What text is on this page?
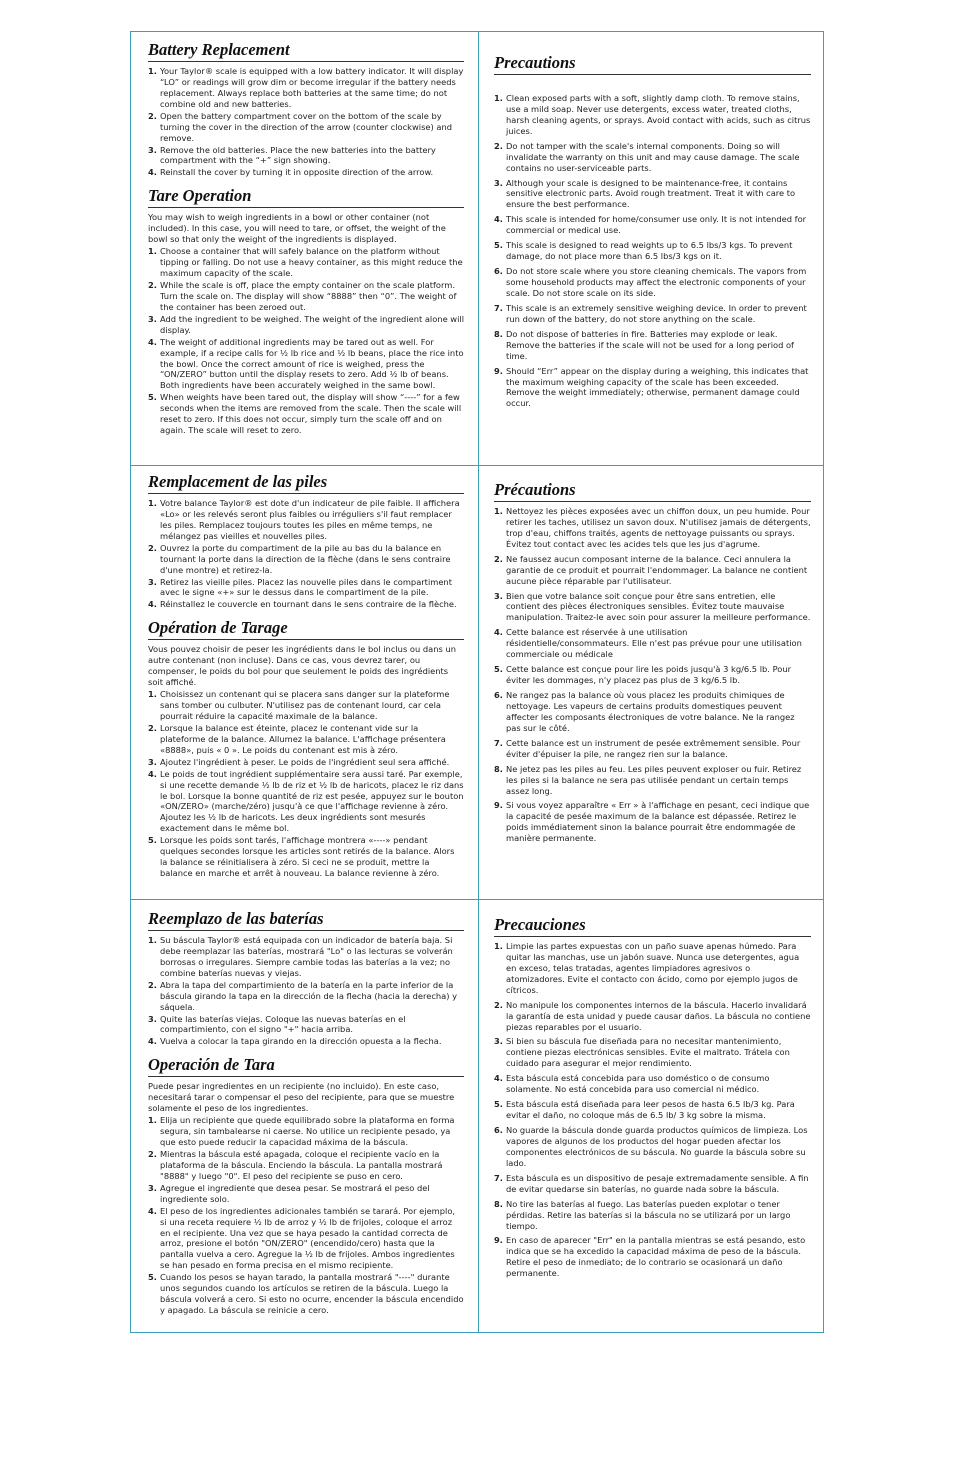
Battery Replacement
1. Your Taylor® scale is equipped with a low battery indicator. It will display “LO” or readings will grow dim or become irregular if the battery needs replacement. Always replace both batteries at the same time; do not combine old and new batteries.
2. Open the battery compartment cover on the bottom of the scale by turning the cover in the direction of the arrow (counter clockwise) and remove.
3. Remove the old batteries. Place the new batteries into the battery compartment with the “+” sign showing.
4. Reinstall the cover by turning it in opposite direction of the arrow.
Tare Operation

You may wish to weigh ingredients in a bowl or other container (not included). In this case, you will need to tare, or offset, the weight of the bowl so that only the weight of the ingredients is displayed.

1. Choose a container that will safely balance on the platform without tipping or falling. Do not use a heavy container, as this might reduce the maximum capacity of the scale.
2. While the scale is off, place the empty container on the scale platform. Turn the scale on. The display will show “8888” then “0”. The weight of the container has been zeroed out.
3. Add the ingredient to be weighed. The weight of the ingredient alone will display.
4. The weight of additional ingredients may be tared out as well. For example, if a recipe calls for ½ lb rice and ½ lb beans, place the rice into the bowl. Once the correct amount of rice is weighed, press the “ON/ZERO” button until the display resets to zero. Add ½ lb of beans. Both ingredients have been accurately weighed in the same bowl.
5. When weights have been tared out, the display will show “----” for a few seconds when the items are removed from the scale. Then the scale will reset to zero. If this does not occur, simply turn the scale off and on again. The scale will reset to zero.
Precautions
1. Clean exposed parts with a soft, slightly damp cloth. To remove stains, use a mild soap. Never use detergents, excess water, treated cloths, harsh cleaning agents, or sprays. Avoid contact with acids, such as citrus juices.
2. Do not tamper with the scale's internal components. Doing so will invalidate the warranty on this unit and may cause damage. The scale contains no user-serviceable parts.
3. Although your scale is designed to be maintenance-free, it contains sensitive electronic parts. Avoid rough treatment. Treat it with care to ensure the best performance.
4. This scale is intended for home/consumer use only. It is not intended for commercial or medical use.
5. This scale is designed to read weights up to 6.5 lbs/3 kgs. To prevent damage, do not place more than 6.5 lbs/3 kgs on it.
6. Do not store scale where you store cleaning chemicals. The vapors from some household products may affect the electronic components of your scale. Do not store scale on its side.
7. This scale is an extremely sensitive weighing device. In order to prevent run down of the battery, do not store anything on the scale.
8. Do not dispose of batteries in fire. Batteries may explode or leak. Remove the batteries if the scale will not be used for a long period of time.
9. Should “Err” appear on the display during a weighing, this indicates that the maximum weighing capacity of the scale has been exceeded. Remove the weight immediately; otherwise, permanent damage could occur.
Remplacement de las piles
1. Votre balance Taylor® est dote d'un indicateur de pile faible. Il affichera «Lo» or les relevés seront plus faibles ou irréguliers s'il faut remplacer les piles. Remplacez toujours toutes les piles en même temps, ne mélangez pas vieilles et nouvelles piles.
2. Ouvrez la porte du compartiment de la pile au bas du la balance en tournant la porte dans la direction de la flèche (dans le sens contraire d'une montre) et retirez-la.
3. Retirez las vieille piles. Placez las nouvelle piles dans le compartiment avec le signe «+» sur le dessus dans le compartiment de la pile.
4. Réinstallez le couvercle en tournant dans le sens contraire de la flèche.
Opération de Tarage

Vous pouvez choisir de peser les ingrédients dans le bol inclus ou dans un autre contenant (non incluse). Dans ce cas, vous devrez tarer, ou compenser, le poids du bol pour que seulement le poids des ingrédients soit affiché.

1. Choisissez un contenant qui se placera sans danger sur la plateforme sans tomber ou culbuter. N'utilisez pas de contenant lourd, car cela pourrait réduire la capacité maximale de la balance.
2. Lorsque la balance est éteinte, placez le contenant vide sur la plateforme de la balance. Allumez la balance. L'affichage présentera «8888», puis « 0 ». Le poids du contenant est mis à zéro.
3. Ajoutez l'ingrédient à peser. Le poids de l'ingrédient seul sera affiché.
4. Le poids de tout ingrédient supplémentaire sera aussi taré. Par exemple, si une recette demande ½ lb de riz et ½ lb de haricots, placez le riz dans le bol. Lorsque la bonne quantité de riz est pesée, appuyez sur le bouton «ON/ZERO» (marche/zéro) jusqu'à ce que l'affichage revienne à zéro. Ajoutez les ½ lb de haricots. Les deux ingrédients sont mesurés exactement dans le même bol.
5. Lorsque les poids sont tarés, l'affichage montrera «----» pendant quelques secondes lorsque les articles sont retirés de la balance. Alors la balance se réinitialisera à zéro. Si ceci ne se produit, mettre la balance en marche et arrêt à nouveau. La balance revienne à zéro.
Précautions
1. Nettoyez les pièces exposées avec un chiffon doux, un peu humide. Pour retirer les taches, utilisez un savon doux. N'utilisez jamais de détergents, trop d'eau, chiffons traités, agents de nettoyage puissants ou sprays. Évitez tout contact avec les acides tels que les jus d'agrume.
2. Ne faussez aucun composant interne de la balance. Ceci annulera la garantie de ce produit et pourrait l'endommager. La balance ne contient aucune pièce réparable par l'utilisateur.
3. Bien que votre balance soit conçue pour être sans entretien, elle contient des pièces électroniques sensibles. Évitez toute mauvaise manipulation. Traitez-le avec soin pour assurer la meilleure performance.
4. Cette balance est réservée à une utilisation résidentielle/consommateurs. Elle n'est pas prévue pour une utilisation commerciale ou médicale
5. Cette balance est conçue pour lire les poids jusqu'à 3 kg/6.5 lb. Pour éviter les dommages, n'y placez pas plus de 3 kg/6.5 lb.
6. Ne rangez pas la balance où vous placez les produits chimiques de nettoyage. Les vapeurs de certains produits domestiques peuvent affecter les composants électroniques de votre balance. Ne la rangez pas sur le côté.
7. Cette balance est un instrument de pesée extrêmement sensible. Pour éviter d'épuiser la pile, ne rangez rien sur la balance.
8. Ne jetez pas les piles au feu. Les piles peuvent exploser ou fuir. Retirez les piles si la balance ne sera pas utilisée pendant un certain temps assez long.
9. Si vous voyez apparaître « Err » à l'affichage en pesant, ceci indique que la capacité de pesée maximum de la balance est dépassée. Retirez le poids immédiatement sinon la balance pourrait être endommagée de manière permanente.
Reemplazo de las baterías
1. Su báscula Taylor® está equipada con un indicador de batería baja. Si debe reemplazar las baterías, mostrará "Lo" o las lecturas se volverán borrosas o irregulares. Siempre cambie todas las baterías a la vez; no combine baterías nuevas y viejas.
2. Abra la tapa del compartimiento de la batería en la parte inferior de la báscula girando la tapa en la dirección de la flecha (hacia la derecha) y sáquela.
3. Quite las baterías viejas. Coloque las nuevas baterías en el compartimiento, con el signo "+" hacia arriba.
4. Vuelva a colocar la tapa girando en la dirección opuesta a la flecha.
Operación de Tara

Puede pesar ingredientes en un recipiente (no incluido). En este caso, necesitará tarar o compensar el peso del recipiente, para que se muestre solamente el peso de los ingredientes.

1. Elija un recipiente que quede equilibrado sobre la plataforma en forma segura, sin tambalearse ni caerse. No utilice un recipiente pesado, ya que esto puede reducir la capacidad máxima de la báscula.
2. Mientras la báscula esté apagada, coloque el recipiente vacío en la plataforma de la báscula. Enciendo la báscula. La pantalla mostrará "8888" y luego "0". El peso del recipiente se puso en cero.
3. Agregue el ingrediente que desea pesar. Se mostrará el peso del ingrediente solo.
4. El peso de los ingredientes adicionales también se tarará. Por ejemplo, si una receta requiere ½ lb de arroz y ½ lb de frijoles, coloque el arroz en el recipiente. Una vez que se haya pesado la cantidad correcta de arroz, presione el botón "ON/ZERO" (encendido/cero) hasta que la pantalla vuelva a cero. Agregue la ½ lb de frijoles. Ambos ingredientes se han pesado en forma precisa en el mismo recipiente.
5. Cuando los pesos se hayan tarado, la pantalla mostrará "----" durante unos segundos cuando los artículos se retiren de la báscula. Luego la báscula volverá a cero. Si esto no ocurre, encender la báscula encendido y apagado. La báscula se reinicie a cero.
Precauciones
1. Limpie las partes expuestas con un paño suave apenas húmedo. Para quitar las manchas, use un jabón suave. Nunca use detergentes, agua en exceso, telas tratadas, agentes limpiadores agresivos o atomizadores. Evite el contacto con ácido, como por ejemplo jugos de cítricos.
2. No manipule los componentes internos de la báscula. Hacerlo invalidará la garantía de esta unidad y puede causar daños. La báscula no contiene piezas reparables por el usuario.
3. Si bien su báscula fue diseñada para no necesitar mantenimiento, contiene piezas electrónicas sensibles. Evite el maltrato. Trátela con cuidado para asegurar el mejor rendimiento.
4. Esta báscula está concebida para uso doméstico o de consumo solamente. No está concebida para uso comercial ni médico.
5. Esta báscula está diseñada para leer pesos de hasta 6.5 lb/3 kg. Para evitar el daño, no coloque más de 6.5 lb/ 3 kg sobre la misma.
6. No guarde la báscula donde guarda productos químicos de limpieza. Los vapores de algunos de los productos del hogar pueden afectar los componentes electrónicos de su báscula. No guarde la báscula sobre su lado.
7. Esta báscula es un dispositivo de pesaje extremadamente sensible. A fin de evitar quedarse sin baterías, no guarde nada sobre la báscula.
8. No tire las baterías al fuego. Las baterías pueden explotar o tener pérdidas. Retire las baterías si la báscula no se utilizará por un largo tiempo.
9. En caso de aparecer "Err" en la pantalla mientras se está pesando, esto indica que se ha excedido la capacidad máxima de peso de la báscula. Retire el peso de inmediato; de lo contrario se ocasionará un daño permanente.
